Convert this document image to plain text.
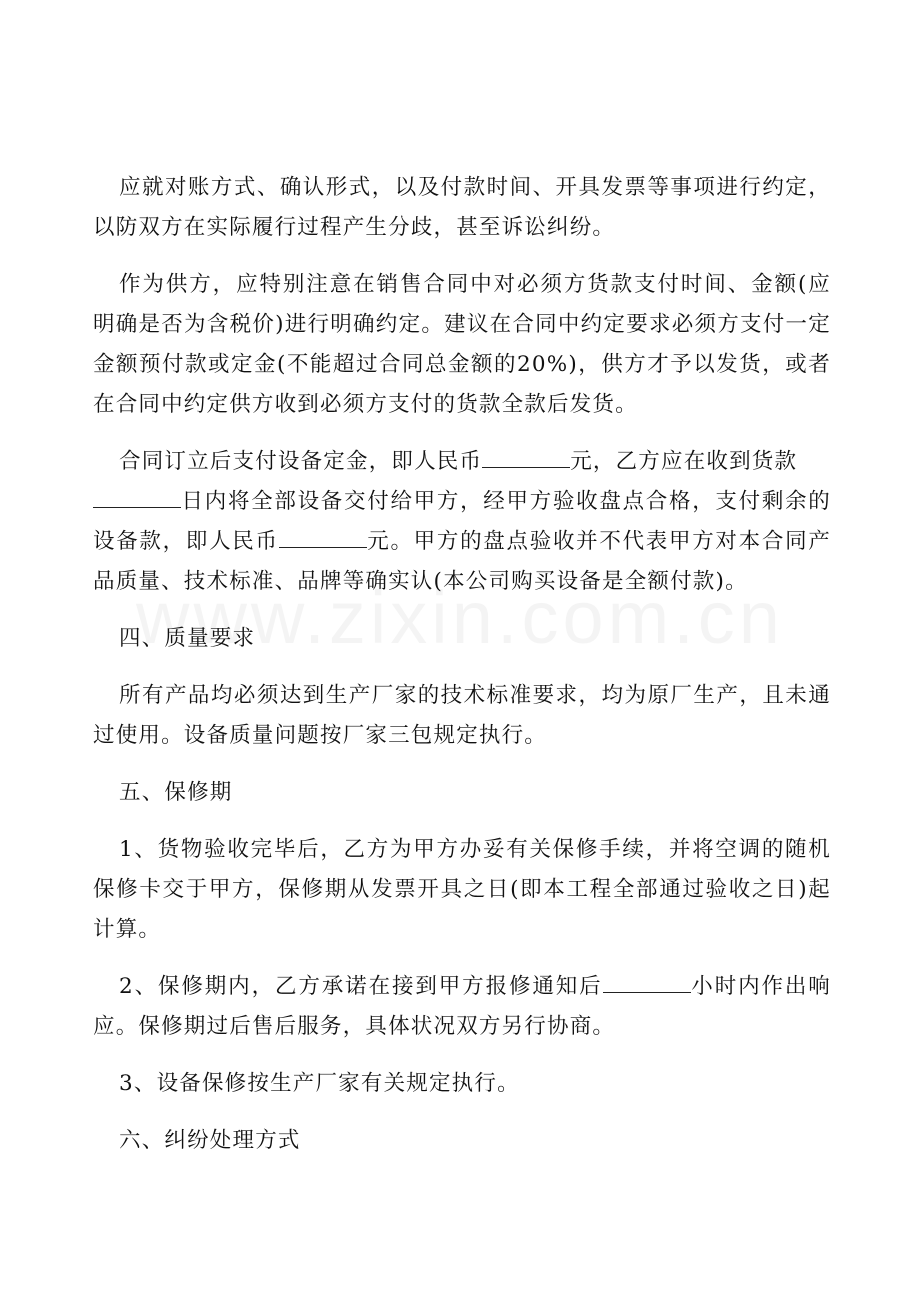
应就对账方式、确认形式，以及付款时间、开具发票等事项进行约定，以防双方在实际履行过程产生分歧，甚至诉讼纠纷。

作为供方，应特别注意在销售合同中对必须方货款支付时间、金额(应明确是否为含税价)进行明确约定。建议在合同中约定要求必须方支付一定金额预付款或定金(不能超过合同总金额的20%)，供方才予以发货，或者在合同中约定供方收到必须方支付的货款全款后发货。

合同订立后支付设备定金，即人民币	元，乙方应在收到货款
日内将全部设备交付给甲方，经甲方验收盘点合格，支付剩余的设备款，即人民币	元。甲方的盘点验收并不代表甲方对本合同产品质量、技术标准、品牌等确实认(本公司购买设备是全额付款)。

四、质量要求

所有产品均必须达到生产厂家的技术标准要求，均为原厂生产，且未通过使用。设备质量问题按厂家三包规定执行。

五、保修期

1、货物验收完毕后，乙方为甲方办妥有关保修手续，并将空调的随机保修卡交于甲方，保修期从发票开具之日(即本工程全部通过验收之日)起计算。

2、保修期内，乙方承诺在接到甲方报修通知后	小时内作出响应。保修期过后售后服务，具体状况双方另行协商。

3、设备保修按生产厂家有关规定执行。

六、纠纷处理方式
